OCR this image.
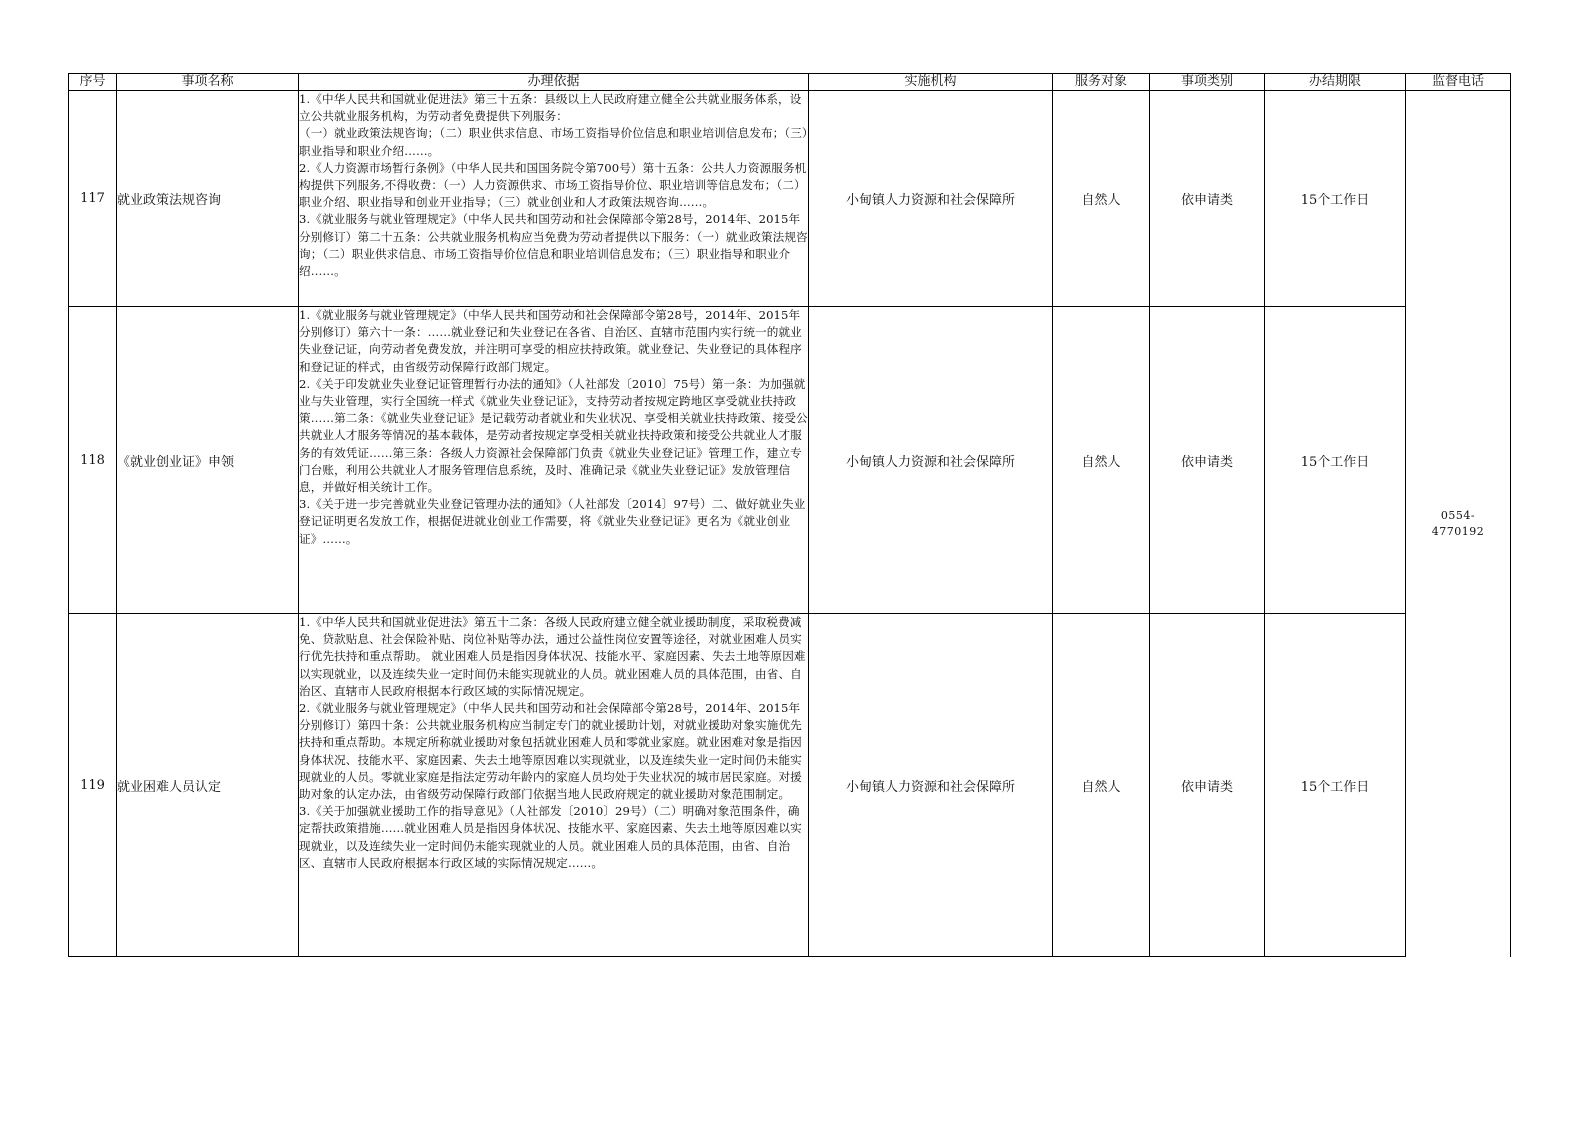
序号	事项名称	办理依据	实施机构	服务对象	事项类别	办结期限	监督电话
117	就业政策法规咨询	1.《中华人民共和国就业促进法》第三十五条：县级以上人民政府建立健全公共就业服务体系，设立公共就业服务机构，为劳动者免费提供下列服务：
（一）就业政策法规咨询；（二）职业供求信息、市场工资指导价位信息和职业培训信息发布；（三）职业指导和职业介绍……。
2.《人力资源市场暂行条例》（中华人民共和国国务院令第700号）第十五条：公共人力资源服务机构提供下列服务,不得收费：（一）人力资源供求、市场工资指导价位、职业培训等信息发布；（二）职业介绍、职业指导和创业开业指导；（三）就业创业和人才政策法规咨询……。
3.《就业服务与就业管理规定》（中华人民共和国劳动和社会保障部令第28号，2014年、2015年分别修订）第二十五条：公共就业服务机构应当免费为劳动者提供以下服务：（一）就业政策法规咨询；（二）职业供求信息、市场工资指导价位信息和职业培训信息发布；（三）职业指导和职业介绍……。	小甸镇人力资源和社会保障所	自然人	依申请类	15个工作日	0554-
4770192
118	《就业创业证》申领	1.《就业服务与就业管理规定》（中华人民共和国劳动和社会保障部令第28号，2014年、2015年分别修订）第六十一条：……就业登记和失业登记在各省、自治区、直辖市范围内实行统一的就业失业登记证，向劳动者免费发放，并注明可享受的相应扶持政策。就业登记、失业登记的具体程序和登记证的样式，由省级劳动保障行政部门规定。
2.《关于印发就业失业登记证管理暂行办法的通知》（人社部发〔2010〕75号）第一条：为加强就业与失业管理，实行全国统一样式《就业失业登记证》，支持劳动者按规定跨地区享受就业扶持政策……第二条：《就业失业登记证》是记载劳动者就业和失业状况、享受相关就业扶持政策、接受公共就业人才服务等情况的基本载体，是劳动者按规定享受相关就业扶持政策和接受公共就业人才服务的有效凭证……第三条：各级人力资源社会保障部门负责《就业失业登记证》管理工作，建立专门台账，利用公共就业人才服务管理信息系统，及时、准确记录《就业失业登记证》发放管理信息，并做好相关统计工作。
3.《关于进一步完善就业失业登记管理办法的通知》（人社部发〔2014〕97号）二、做好就业失业登记证明更名发放工作，根据促进就业创业工作需要，将《就业失业登记证》更名为《就业创业证》……。	小甸镇人力资源和社会保障所	自然人	依申请类	15个工作日	
119	就业困难人员认定	1.《中华人民共和国就业促进法》第五十二条：各级人民政府建立健全就业援助制度，采取税费减免、贷款贴息、社会保险补贴、岗位补贴等办法，通过公益性岗位安置等途径，对就业困难人员实行优先扶持和重点帮助。 就业困难人员是指因身体状况、技能水平、家庭因素、失去土地等原因难以实现就业，以及连续失业一定时间仍未能实现就业的人员。就业困难人员的具体范围，由省、自治区、直辖市人民政府根据本行政区域的实际情况规定。
2.《就业服务与就业管理规定》（中华人民共和国劳动和社会保障部令第28号，2014年、2015年分别修订）第四十条：公共就业服务机构应当制定专门的就业援助计划，对就业援助对象实施优先扶持和重点帮助。本规定所称就业援助对象包括就业困难人员和零就业家庭。就业困难对象是指因身体状况、技能水平、家庭因素、失去土地等原因难以实现就业，以及连续失业一定时间仍未能实现就业的人员。零就业家庭是指法定劳动年龄内的家庭人员均处于失业状况的城市居民家庭。对援助对象的认定办法，由省级劳动保障行政部门依据当地人民政府规定的就业援助对象范围制定。
3.《关于加强就业援助工作的指导意见》（人社部发〔2010〕29号）（二）明确对象范围条件，确定帮扶政策措施……就业困难人员是指因身体状况、技能水平、家庭因素、失去土地等原因难以实现就业，以及连续失业一定时间仍未能实现就业的人员。就业困难人员的具体范围，由省、自治区、直辖市人民政府根据本行政区域的实际情况规定……。	小甸镇人力资源和社会保障所	自然人	依申请类	15个工作日	
